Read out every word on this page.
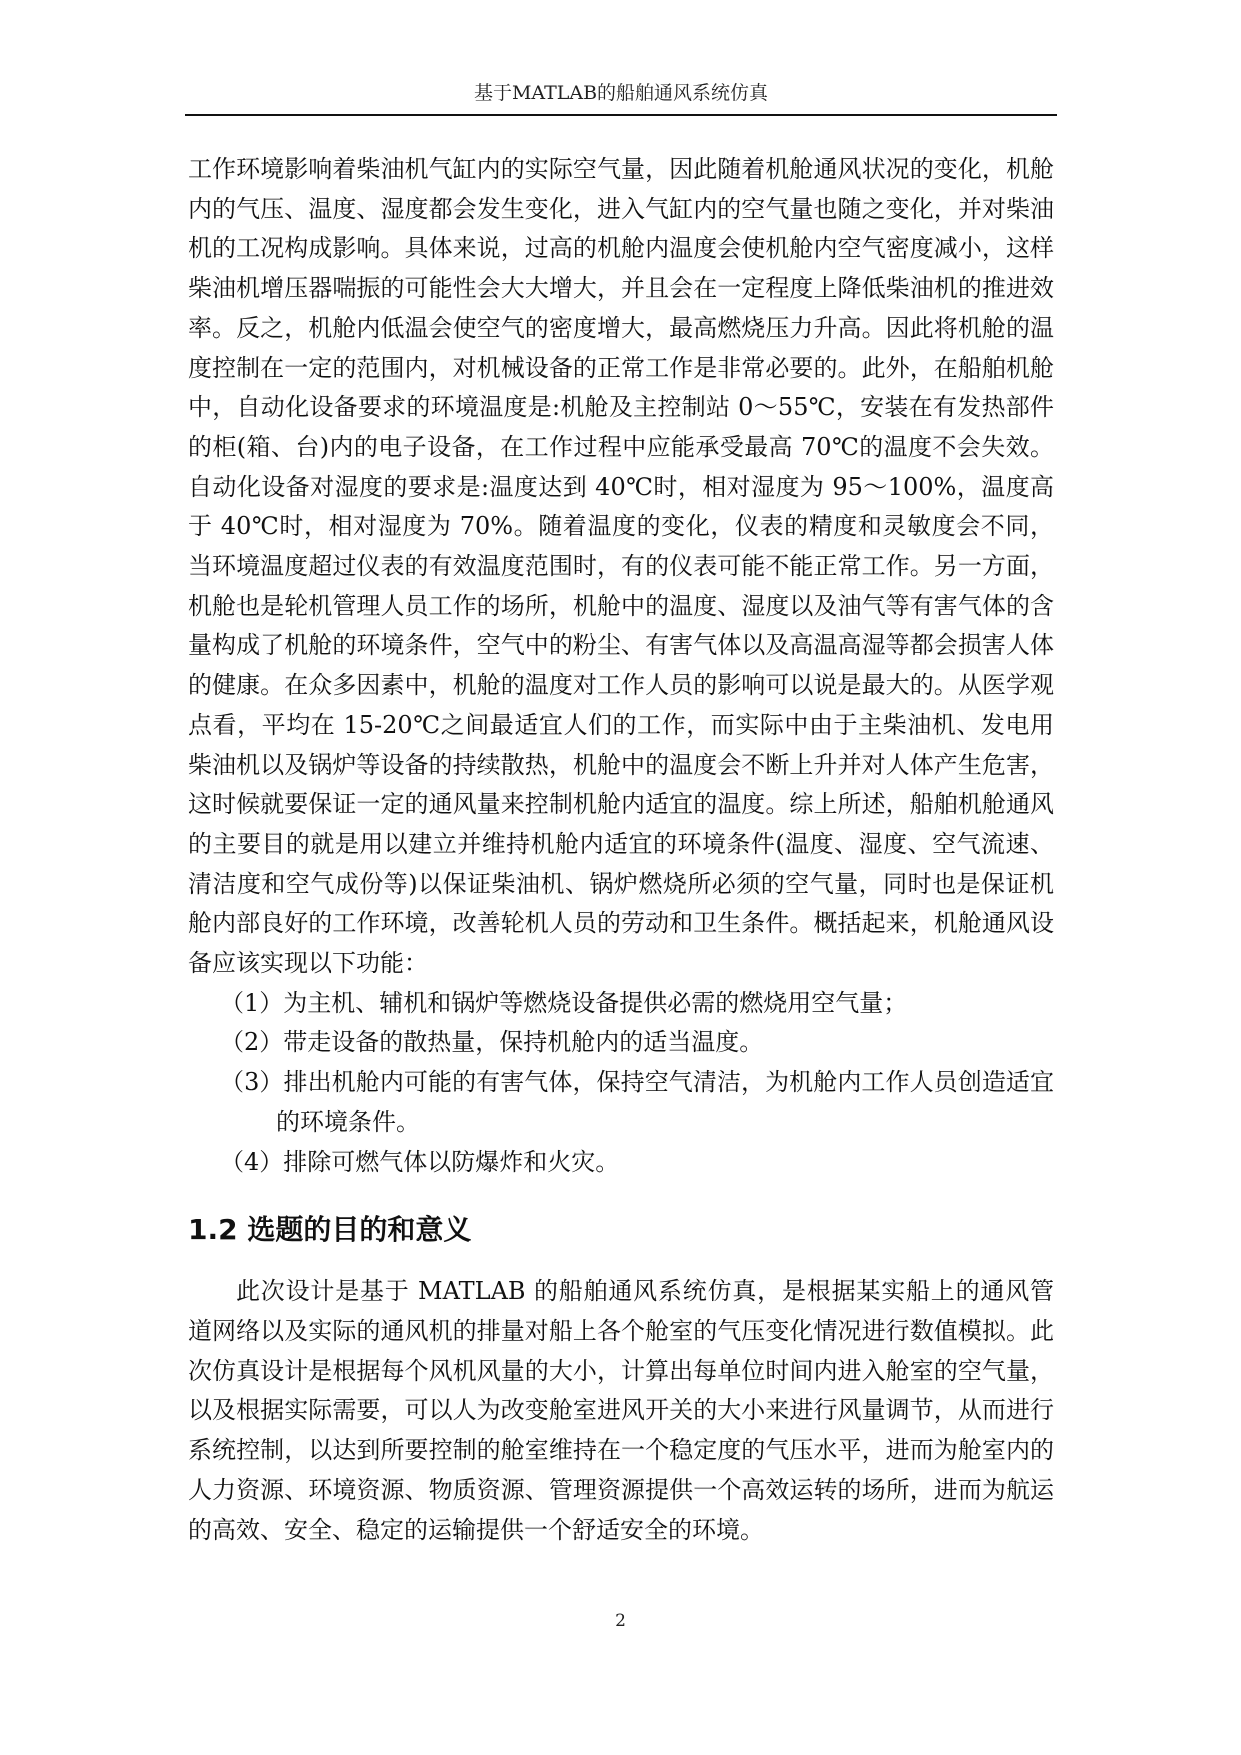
基于MATLAB的船舶通风系统仿真

工作环境影响着柴油机气缸内的实际空气量，因此随着机舱通风状况的变化，机舱内的气压、温度、湿度都会发生变化，进入气缸内的空气量也随之变化，并对柴油机的工况构成影响。具体来说，过高的机舱内温度会使机舱内空气密度减小，这样柴油机增压器喘振的可能性会大大增大，并且会在一定程度上降低柴油机的推进效率。反之，机舱内低温会使空气的密度增大，最高燃烧压力升高。因此将机舱的温度控制在一定的范围内，对机械设备的正常工作是非常必要的。此外，在船舶机舱中，自动化设备要求的环境温度是:机舱及主控制站 0～55℃，安装在有发热部件的柜(箱、台)内的电子设备，在工作过程中应能承受最高 70℃的温度不会失效。自动化设备对湿度的要求是:温度达到 40℃时，相对湿度为 95～100%，温度高于 40℃时，相对湿度为 70%。随着温度的变化，仪表的精度和灵敏度会不同，当环境温度超过仪表的有效温度范围时，有的仪表可能不能正常工作。另一方面，机舱也是轮机管理人员工作的场所，机舱中的温度、湿度以及油气等有害气体的含量构成了机舱的环境条件，空气中的粉尘、有害气体以及高温高湿等都会损害人体的健康。在众多因素中，机舱的温度对工作人员的影响可以说是最大的。从医学观点看，平均在 15-20℃之间最适宜人们的工作，而实际中由于主柴油机、发电用柴油机以及锅炉等设备的持续散热，机舱中的温度会不断上升并对人体产生危害，这时候就要保证一定的通风量来控制机舱内适宜的温度。综上所述，船舶机舱通风的主要目的就是用以建立并维持机舱内适宜的环境条件(温度、湿度、空气流速、清洁度和空气成份等)以保证柴油机、锅炉燃烧所必须的空气量，同时也是保证机舱内部良好的工作环境，改善轮机人员的劳动和卫生条件。概括起来，机舱通风设备应该实现以下功能：

（1）为主机、辅机和锅炉等燃烧设备提供必需的燃烧用空气量；
（2）带走设备的散热量，保持机舱内的适当温度。
（3）排出机舱内可能的有害气体，保持空气清洁，为机舱内工作人员创造适宜的环境条件。
（4）排除可燃气体以防爆炸和火灾。
1.2 选题的目的和意义

此次设计是基于 MATLAB 的船舶通风系统仿真，是根据某实船上的通风管道网络以及实际的通风机的排量对船上各个舱室的气压变化情况进行数值模拟。此次仿真设计是根据每个风机风量的大小，计算出每单位时间内进入舱室的空气量，以及根据实际需要，可以人为改变舱室进风开关的大小来进行风量调节，从而进行系统控制，以达到所要控制的舱室维持在一个稳定度的气压水平，进而为舱室内的人力资源、环境资源、物质资源、管理资源提供一个高效运转的场所，进而为航运的高效、安全、稳定的运输提供一个舒适安全的环境。

2
